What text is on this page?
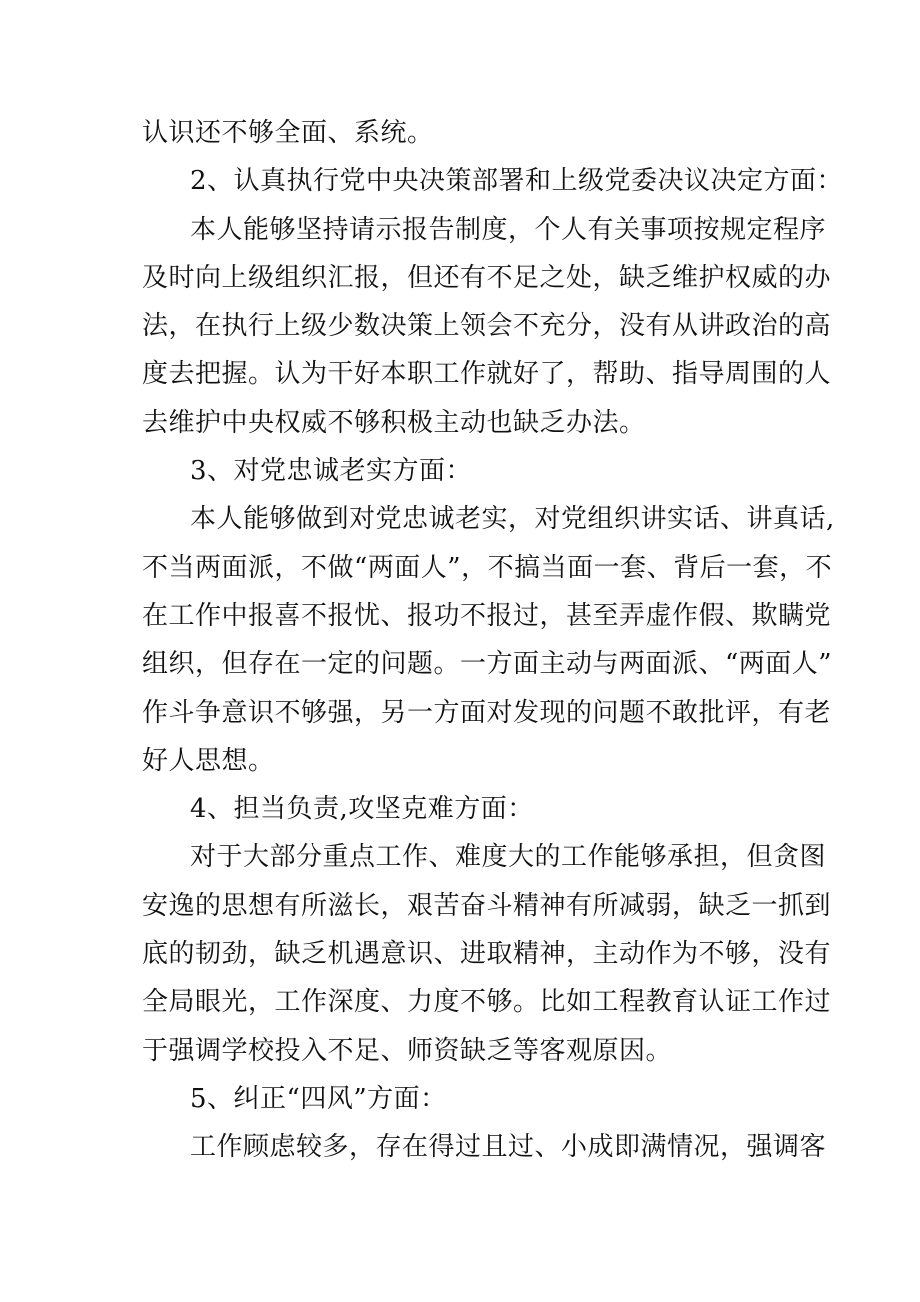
认识还不够全面、系统。
2、认真执行党中央决策部署和上级党委决议决定方面：
本人能够坚持请示报告制度，个人有关事项按规定程序
及时向上级组织汇报，但还有不足之处，缺乏维护权威的办
法，在执行上级少数决策上领会不充分，没有从讲政治的高
度去把握。认为干好本职工作就好了，帮助、指导周围的人
去维护中央权威不够积极主动也缺乏办法。
3、对党忠诚老实方面：
本人能够做到对党忠诚老实，对党组织讲实话、讲真话,
不当两面派，不做“两面人”，不搞当面一套、背后一套，不
在工作中报喜不报忧、报功不报过，甚至弄虚作假、欺瞒党
组织，但存在一定的问题。一方面主动与两面派、“两面人”
作斗争意识不够强，另一方面对发现的问题不敢批评，有老
好人思想。
4、担当负责,攻坚克难方面：
对于大部分重点工作、难度大的工作能够承担，但贪图
安逸的思想有所滋长，艰苦奋斗精神有所减弱，缺乏一抓到
底的韧劲，缺乏机遇意识、进取精神，主动作为不够，没有
全局眼光，工作深度、力度不够。比如工程教育认证工作过
于强调学校投入不足、师资缺乏等客观原因。
5、纠正“四风”方面：
工作顾虑较多，存在得过且过、小成即满情况，强调客
